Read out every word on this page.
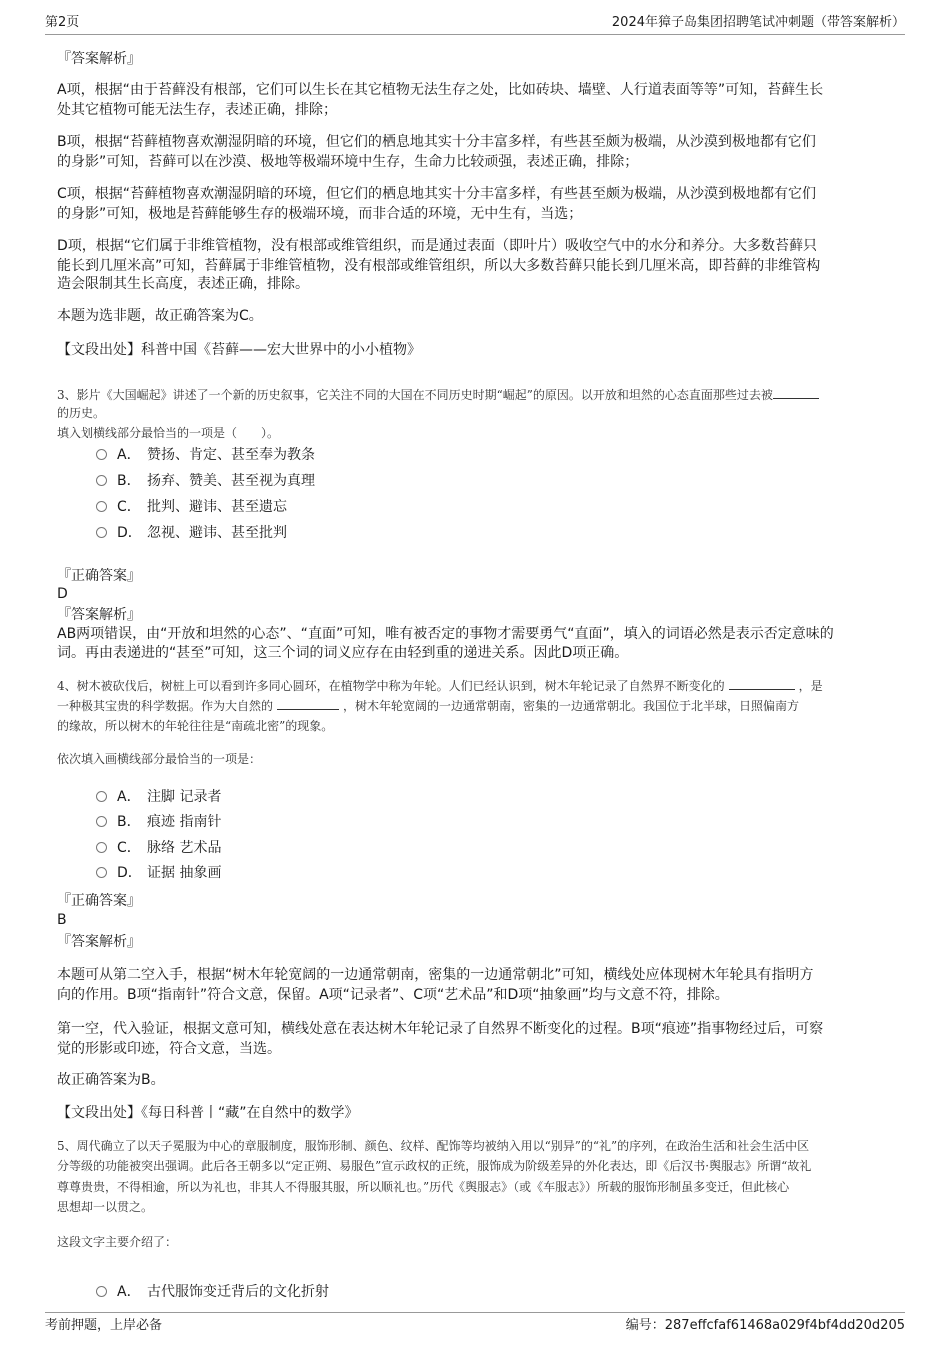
第2页	2024年獐子岛集团招聘笔试冲刺题（带答案解析）
『答案解析』
A项，根据“由于苔藓没有根部，它们可以生长在其它植物无法生存之处，比如砖块、墙壁、人行道表面等等”可知，苔藓生长
处其它植物可能无法生存，表述正确，排除；
B项，根据“苔藓植物喜欢潮湿阴暗的环境，但它们的栖息地其实十分丰富多样，有些甚至颇为极端，从沙漠到极地都有它们
的身影”可知，苔藓可以在沙漠、极地等极端环境中生存，生命力比较顽强，表述正确，排除；
C项，根据“苔藓植物喜欢潮湿阴暗的环境，但它们的栖息地其实十分丰富多样，有些甚至颇为极端，从沙漠到极地都有它们
的身影”可知，极地是苔藓能够生存的极端环境，而非合适的环境，无中生有，当选；
D项，根据“它们属于非维管植物，没有根部或维管组织，而是通过表面（即叶片）吸收空气中的水分和养分。大多数苔藓只
能长到几厘米高”可知，苔藓属于非维管植物，没有根部或维管组织，所以大多数苔藓只能长到几厘米高，即苔藓的非维管构
造会限制其生长高度，表述正确，排除。
本题为选非题，故正确答案为C。
【文段出处】科普中国《苔藓——宏大世界中的小小植物》
3、影片《大国崛起》讲述了一个新的历史叙事，它关注不同的大国在不同历史时期“崛起”的原因。以开放和坦然的心态直面那些过去被
的历史。
填入划横线部分最恰当的一项是（　　）。
A． 赞扬、肯定、甚至奉为教条
B． 扬弃、赞美、甚至视为真理
C． 批判、避讳、甚至遗忘
D． 忽视、避讳、甚至批判
『正确答案』
D
『答案解析』
AB两项错误，由“开放和坦然的心态”、“直面”可知，唯有被否定的事物才需要勇气“直面”，填入的词语必然是表示否定意味的
词。再由表递进的“甚至”可知，这三个词的词义应存在由轻到重的递进关系。因此D项正确。
4、树木被砍伐后，树桩上可以看到许多同心圆环，在植物学中称为年轮。人们已经认识到，树木年轮记录了自然界不断变化的	，是
一种极其宝贵的科学数据。作为大自然的	，树木年轮宽阔的一边通常朝南，密集的一边通常朝北。我国位于北半球，日照偏南方
的缘故，所以树木的年轮往往是“南疏北密”的现象。
依次填入画横线部分最恰当的一项是：
A． 注脚 记录者
B． 痕迹 指南针
C． 脉络 艺术品
D． 证据 抽象画
『正确答案』
B
『答案解析』
本题可从第二空入手，根据“树木年轮宽阔的一边通常朝南，密集的一边通常朝北”可知，横线处应体现树木年轮具有指明方
向的作用。B项“指南针”符合文意，保留。A项“记录者”、C项“艺术品”和D项“抽象画”均与文意不符，排除。
第一空，代入验证，根据文意可知，横线处意在表达树木年轮记录了自然界不断变化的过程。B项“痕迹”指事物经过后，可察
觉的形影或印迹，符合文意，当选。
故正确答案为B。
【文段出处】《每日科普丨“藏”在自然中的数学》
5、周代确立了以天子冕服为中心的章服制度，服饰形制、颜色、纹样、配饰等均被纳入用以“别异”的“礼”的序列，在政治生活和社会生活中区
分等级的功能被突出强调。此后各王朝多以“定正朔、易服色”宣示政权的正统，服饰成为阶级差异的外化表达，即《后汉书·舆服志》所谓“故礼
尊尊贵贵，不得相逾，所以为礼也，非其人不得服其服，所以顺礼也。”历代《舆服志》（或《车服志》）所载的服饰形制虽多变迁，但此核心
思想却一以贯之。
这段文字主要介绍了：
A． 古代服饰变迁背后的文化折射
考前押题，上岸必备	编号：287effcfaf61468a029f4bf4dd20d205
